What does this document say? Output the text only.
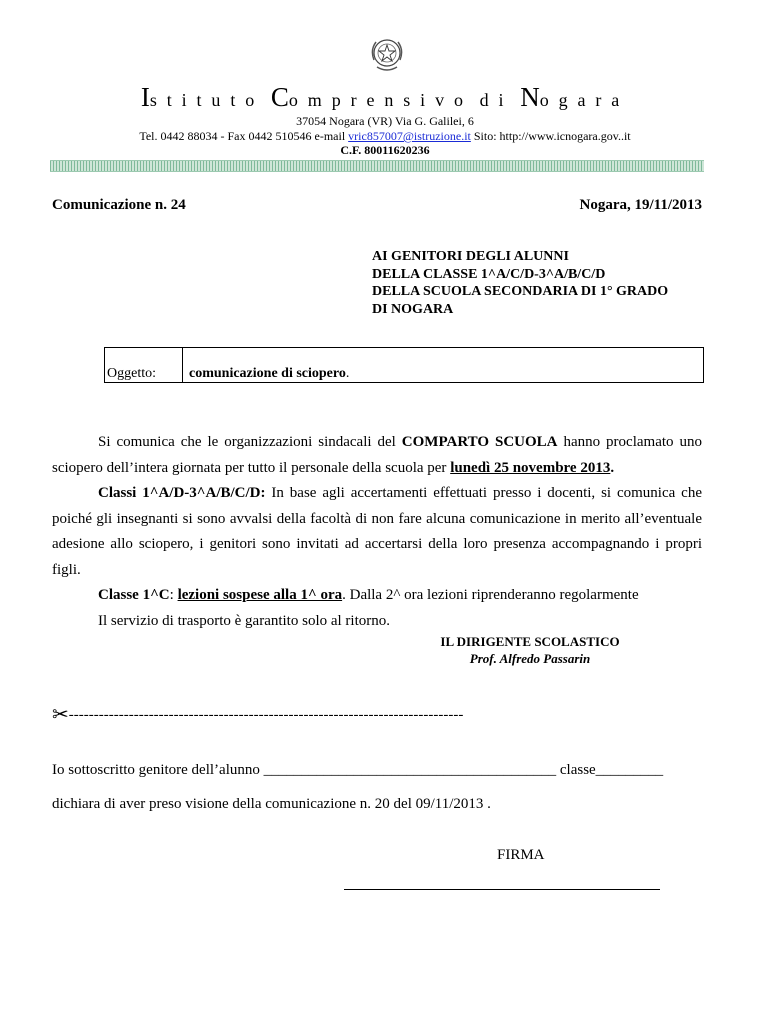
Istituto Comprensivo di Nogara
37054 Nogara (VR) Via G. Galilei, 6
Tel. 0442 88034 - Fax 0442 510546 e-mail vric857007@istruzione.it Sito: http://www.icnogara.gov..it
C.F. 80011620236
Comunicazione n. 24	Nogara, 19/11/2013
AI GENITORI DEGLI ALUNNI
DELLA CLASSE 1^A/C/D-3^A/B/C/D
DELLA SCUOLA SECONDARIA DI 1° GRADO
DI NOGARA
Oggetto:	comunicazione di sciopero.

Si comunica che le organizzazioni sindacali del COMPARTO SCUOLA hanno proclamato uno sciopero dell’intera giornata per tutto il personale della scuola per lunedì 25 novembre 2013.

Classi 1^A/D-3^A/B/C/D: In base agli accertamenti effettuati presso i docenti, si comunica che poiché gli insegnanti si sono avvalsi della facoltà di non fare alcuna comunicazione in merito all’eventuale adesione allo sciopero, i genitori sono invitati ad accertarsi della loro presenza accompagnando i propri figli.

Classe 1^C: lezioni sospese alla 1^ ora. Dalla 2^ ora lezioni riprenderanno regolarmente

Il servizio di trasporto è garantito solo al ritorno.

IL DIRIGENTE SCOLASTICO
Prof. Alfredo Passarin
✂-------------------------------------------------------------------------------
Io sottoscritto genitore dell’alunno _______________________________________ classe_________
dichiara di aver preso visione della comunicazione n. 20 del 09/11/2013 .
FIRMA
